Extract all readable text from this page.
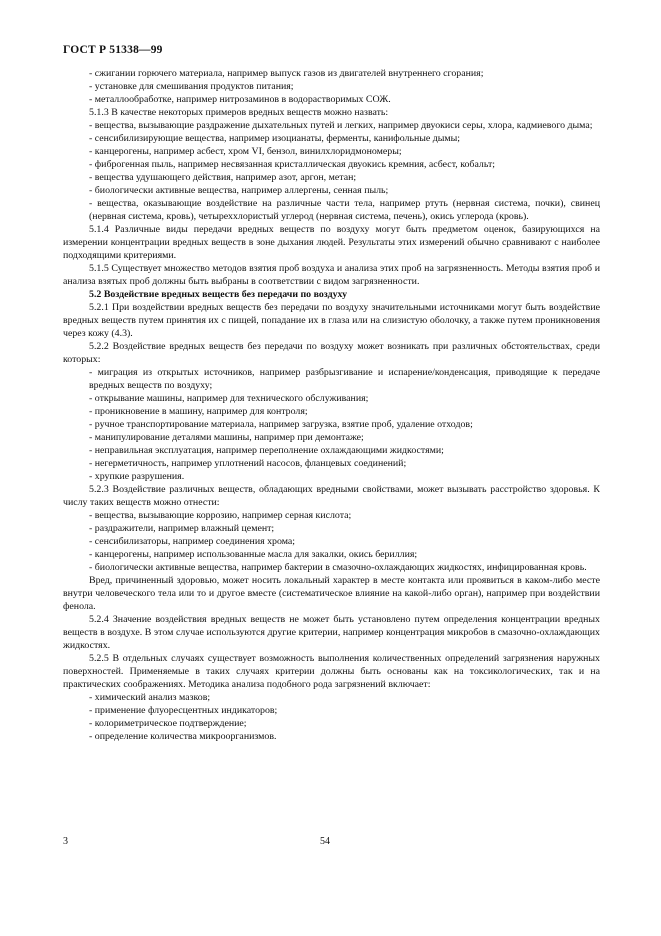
ГОСТ Р 51338—99

- сжигании горючего материала, например выпуск газов из двигателей внутреннего сгорания;

- установке для смешивания продуктов питания;

- металлообработке, например нитрозаминов в водорастворимых СОЖ.

5.1.3 В качестве некоторых примеров вредных веществ можно назвать:

- вещества, вызывающие раздражение дыхательных путей и легких, например двуокиси серы, хлора, кадмиевого дыма;

- сенсибилизирующие вещества, например изоцианаты, ферменты, канифольные дымы;

- канцерогены, например асбест, хром VI, бензол, винилхлоридмономеры;

- фиброгенная пыль, например несвязанная кристаллическая двуокись кремния, асбест, кобальт;

- вещества удушающего действия, например азот, аргон, метан;

- биологически активные вещества, например аллергены, сенная пыль;

- вещества, оказывающие воздействие на различные части тела, например ртуть (нервная система, почки), свинец (нервная система, кровь), четыреххлористый углерод (нервная система, печень), окись углерода (кровь).

5.1.4 Различные виды передачи вредных веществ по воздуху могут быть предметом оценок, базирующихся на измерении концентрации вредных веществ в зоне дыхания людей. Результаты этих измерений обычно сравнивают с наиболее подходящими критериями.

5.1.5 Существует множество методов взятия проб воздуха и анализа этих проб на загрязненность. Методы взятия проб и анализа взятых проб должны быть выбраны в соответствии с видом загрязненности.

5.2 Воздействие вредных веществ без передачи по воздуху

5.2.1 При воздействии вредных веществ без передачи по воздуху значительными источниками могут быть воздействие вредных веществ путем принятия их с пищей, попадание их в глаза или на слизистую оболочку, а также путем проникновения через кожу (4.3).

5.2.2 Воздействие вредных веществ без передачи по воздуху может возникать при различных обстоятельствах, среди которых:

- миграция из открытых источников, например разбрызгивание и испарение/конденсация, приводящие к передаче вредных веществ по воздуху;

- открывание машины, например для технического обслуживания;

- проникновение в машину, например для контроля;

- ручное транспортирование материала, например загрузка, взятие проб, удаление отходов;

- манипулирование деталями машины, например при демонтаже;

- неправильная эксплуатация, например переполнение охлаждающими жидкостями;

- негерметичность, например уплотнений насосов, фланцевых соединений;

- хрупкие разрушения.

5.2.3 Воздействие различных веществ, обладающих вредными свойствами, может вызывать расстройство здоровья. К числу таких веществ можно отнести:

- вещества, вызывающие коррозию, например серная кислота;

- раздражители, например влажный цемент;

- сенсибилизаторы, например соединения хрома;

- канцерогены, например использованные масла для закалки, окись бериллия;

- биологически активные вещества, например бактерии в смазочно-охлаждающих жидкостях, инфицированная кровь.

Вред, причиненный здоровью, может носить локальный характер в месте контакта или проявиться в каком-либо месте внутри человеческого тела или то и другое вместе (систематическое влияние на какой-либо орган), например при воздействии фенола.

5.2.4 Значение воздействия вредных веществ не может быть установлено путем определения концентрации вредных веществ в воздухе. В этом случае используются другие критерии, например концентрация микробов в смазочно-охлаждающих жидкостях.

5.2.5 В отдельных случаях существует возможность выполнения количественных определений загрязнения наружных поверхностей. Применяемые в таких случаях критерии должны быть основаны как на токсикологических, так и на практических соображениях. Методика анализа подобного рода загрязнений включает:

- химический анализ мазков;

- применение флуоресцентных индикаторов;

- колориметрическое подтверждение;

- определение количества микроорганизмов.

3	54
